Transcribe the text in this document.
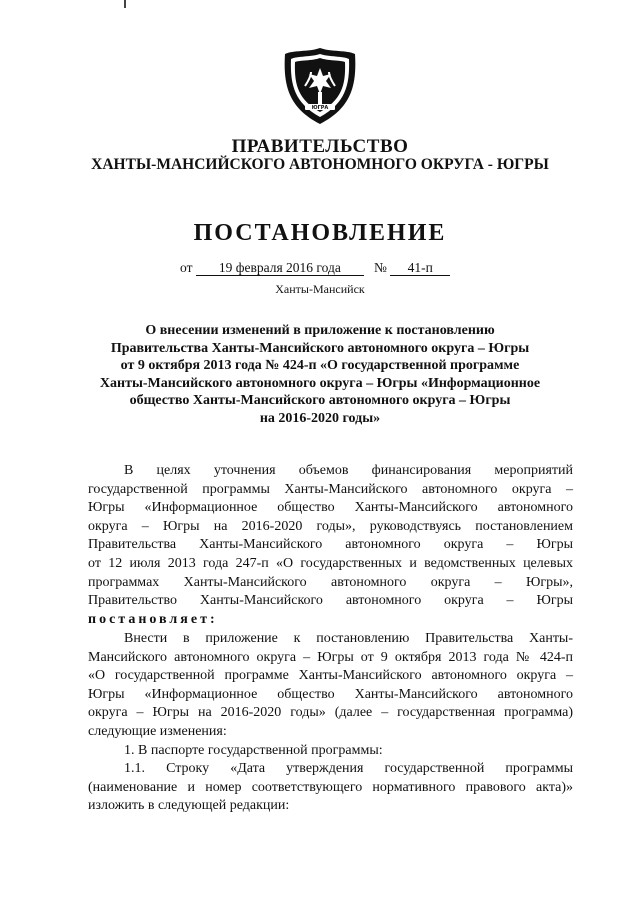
ЮГРА

ПРАВИТЕЛЬСТВО

ХАНТЫ-МАНСИЙСКОГО АВТОНОМНОГО ОКРУГА - ЮГРЫ

ПОСТАНОВЛЕНИЕ

от 19 февраля 2016 года № 41-п
Ханты-Мансийск
О внесении изменений в приложение к постановлению
Правительства Ханты-Мансийского автономного округа – Югры
от 9 октября 2013 года № 424-п «О государственной программе
Ханты-Мансийского автономного округа – Югры «Информационное
общество Ханты-Мансийского автономного округа – Югры
на 2016-2020 годы»
В целях уточнения объемов финансирования мероприятий
государственной программы Ханты-Мансийского автономного округа –
Югры «Информационное общество Ханты-Мансийского автономного
округа – Югры на 2016-2020 годы», руководствуясь постановлением
Правительства Ханты-Мансийского автономного округа – Югры
от 12 июля 2013 года 247-п «О государственных и ведомственных целевых
программах Ханты-Мансийского автономного округа – Югры»,
Правительство Ханты-Мансийского автономного округа – Югры
постановляет:
Внести в приложение к постановлению Правительства Ханты-
Мансийского автономного округа – Югры от 9 октября 2013 года № 424-п
«О государственной программе Ханты-Мансийского автономного округа –
Югры «Информационное общество Ханты-Мансийского автономного
округа – Югры на 2016-2020 годы» (далее – государственная программа)
следующие изменения:
1. В паспорте государственной программы:
1.1. Строку «Дата утверждения государственной программы
(наименование и номер соответствующего нормативного правового акта)»
изложить в следующей редакции:
